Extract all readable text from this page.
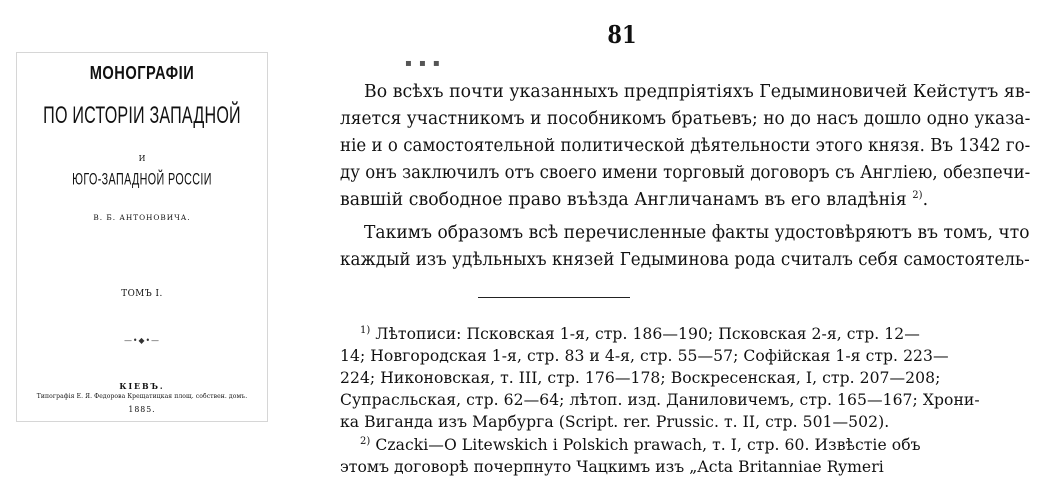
МОНОГРАФІИ
ПО ИСТОРІИ ЗАПАДНОЙ
И
ЮГО-ЗАПАДНОЙ РОССІИ
В. Б. АНТОНОВИЧА.
ТОМЪ I.
—•◆•—
КІЕВЪ.
Типографія Е. Я. Федорова Крещатицкая площ. собствен. домъ.
1885.
81
▪ ▪ ▪
Во всѣхъ почти указанныхъ предпріятіяхъ Гедыминовичей Кейстутъ яв-
ляется участникомъ и пособникомъ братьевъ; но до насъ дошло одно указа-
ніе и о самостоятельной политической дѣятельности этого князя. Въ 1342 го-
ду онъ заключилъ отъ своего имени торговый договоръ съ Англіею, обезпечи-
вавшій свободное право въѣзда Англичанамъ въ его владѣнія $^{2)}$.
Такимъ образомъ всѣ перечисленные факты удостовѣряютъ въ томъ, что
каждый изъ удѣльныхъ князей Гедыминова рода считалъ себя самостоятель-
$^{1)}$ Лѣтописи: Псковская 1-я, стр. 186—190; Псковская 2-я, стр. 12—
14; Новгородская 1-я, стр. 83 и 4-я, стр. 55—57; Софійская 1-я стр. 223—
224; Никоновская, т. III, стр. 176—178; Воскресенская, I, стр. 207—208;
Супрасльская, стр. 62—64; лѣтоп. изд. Даниловичемъ, стр. 165—167; Хрони-
ка Виганда изъ Марбурга (Script. rer. Prussic. т. II, стр. 501—502).
$^{2)}$ Czacki—O Litewskich i Polskich prawach, т. I, стр. 60. Извѣстіе объ
этомъ договорѣ почерпнуто Чацкимъ изъ „Acta Britanniae Rymeri
